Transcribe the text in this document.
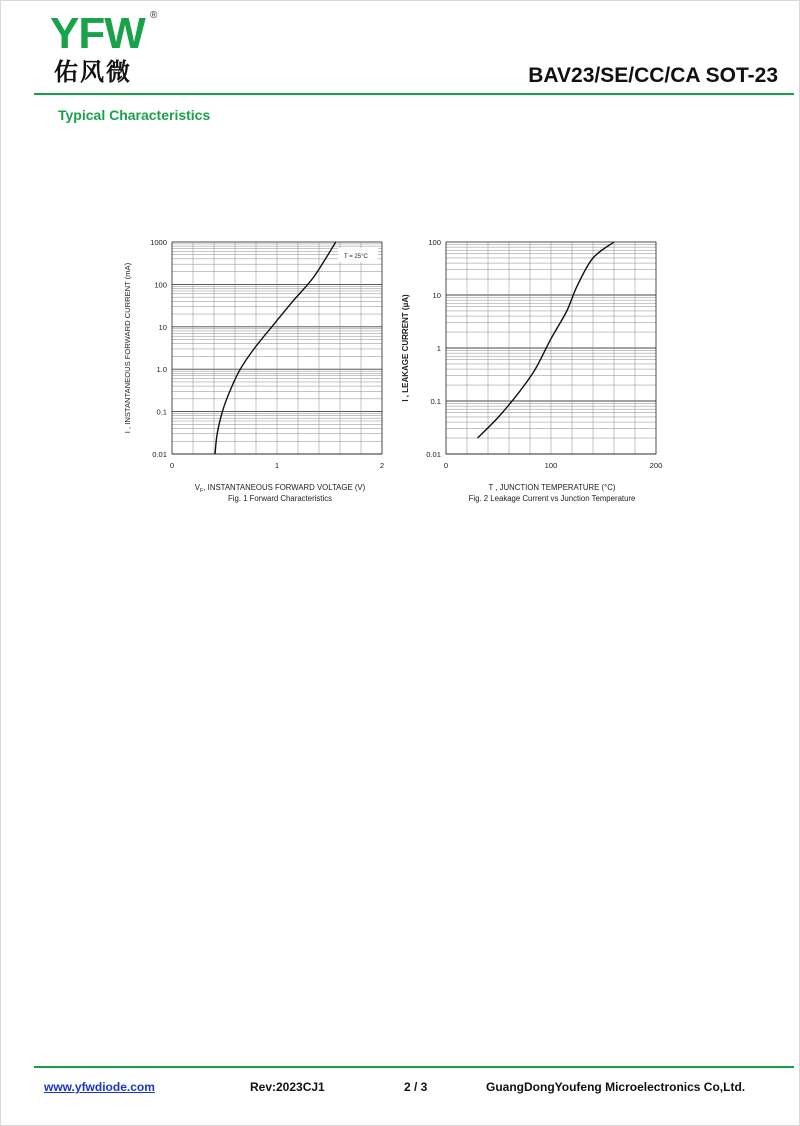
YFW ®
佑风微	BAV23/SE/CC/CA SOT-23
Typical Characteristics
0.01
0.1
1.0
10
100
1000
0	1	2
T = 25°C
I , INSTANTANEOUS FORWARD CURRENT (mA)
$V_F$, INSTANTANEOUS FORWARD VOLTAGE (V)
Fig. 1 Forward Characteristics
0.01
0.1
1
10
100
0	100	200
I , LEAKAGE CURRENT (µA)
T , JUNCTION TEMPERATURE (°C)
Fig. 2 Leakage Current vs Junction Temperature
www.yfwdiode.com	Rev:2023CJ1	2 / 3	GuangDongYoufeng Microelectronics Co,Ltd.
